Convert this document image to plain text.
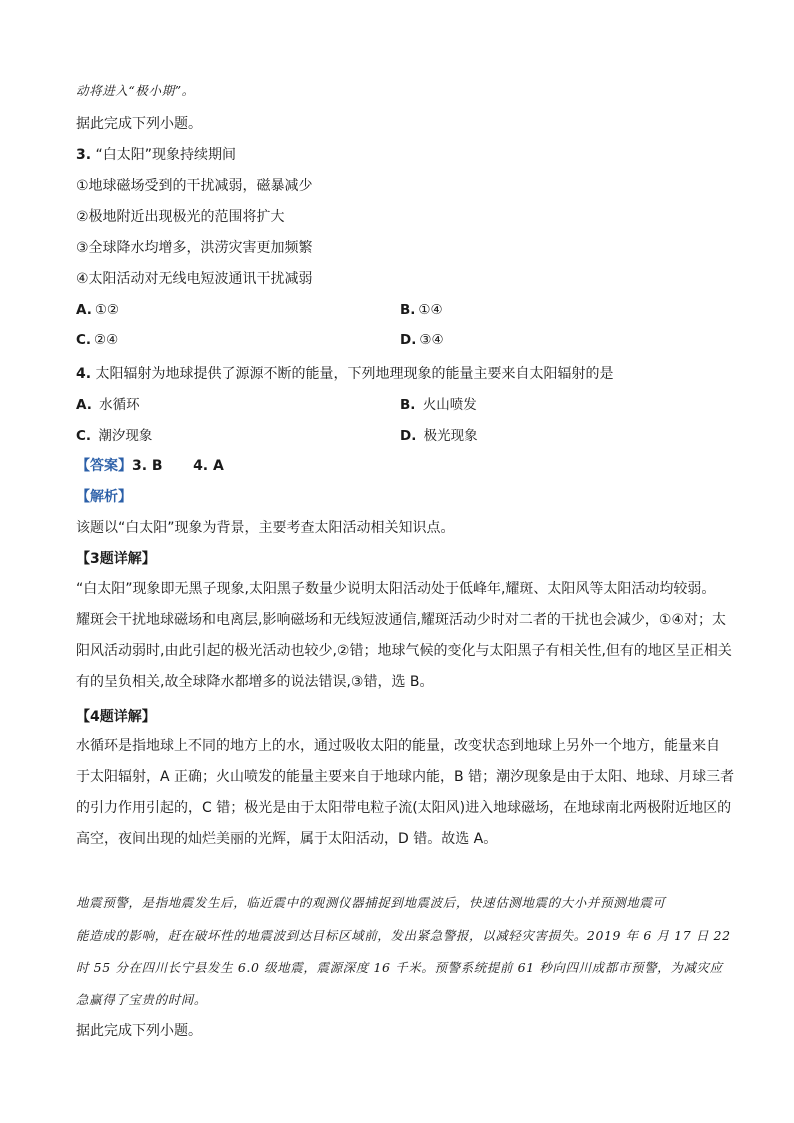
动将进入“极小期”。
据此完成下列小题。
3. “白太阳”现象持续期间
①地球磁场受到的干扰减弱，磁暴减少
②极地附近出现极光的范围将扩大
③全球降水均增多，洪涝灾害更加频繁
④太阳活动对无线电短波通讯干扰减弱
A. ①②	B. ①④
C. ②④	D. ③④
4. 太阳辐射为地球提供了源源不断的能量，下列地理现象的能量主要来自太阳辐射的是
A. 水循环	B. 火山喷发
C. 潮汐现象	D. 极光现象
【答案】3. B 4. A
【解析】
该题以“白太阳”现象为背景，主要考查太阳活动相关知识点。
【3题详解】
“白太阳”现象即无黑子现象,太阳黑子数量少说明太阳活动处于低峰年,耀斑、太阳风等太阳活动均较弱。
耀斑会干扰地球磁场和电离层,影响磁场和无线短波通信,耀斑活动少时对二者的干扰也会减少，①④对；太
阳风活动弱时,由此引起的极光活动也较少,②错；地球气候的变化与太阳黑子有相关性,但有的地区呈正相关
有的呈负相关,故全球降水都增多的说法错误,③错，选 B。
【4题详解】
水循环是指地球上不同的地方上的水，通过吸收太阳的能量，改变状态到地球上另外一个地方，能量来自
于太阳辐射，A 正确；火山喷发的能量主要来自于地球内能，B 错；潮汐现象是由于太阳、地球、月球三者
的引力作用引起的，C 错；极光是由于太阳带电粒子流(太阳风)进入地球磁场，在地球南北两极附近地区的
高空，夜间出现的灿烂美丽的光辉，属于太阳活动，D 错。故选 A。
地震预警，是指地震发生后，临近震中的观测仪器捕捉到地震波后，快速估测地震的大小并预测地震可
能造成的影响，赶在破坏性的地震波到达目标区域前，发出紧急警报，以减轻灾害损失。2019 年 6 月 17 日 22
时 55 分在四川长宁县发生 6.0 级地震，震源深度 16 千米。预警系统提前 61 秒向四川成都市预警，为减灾应
急赢得了宝贵的时间。
据此完成下列小题。
